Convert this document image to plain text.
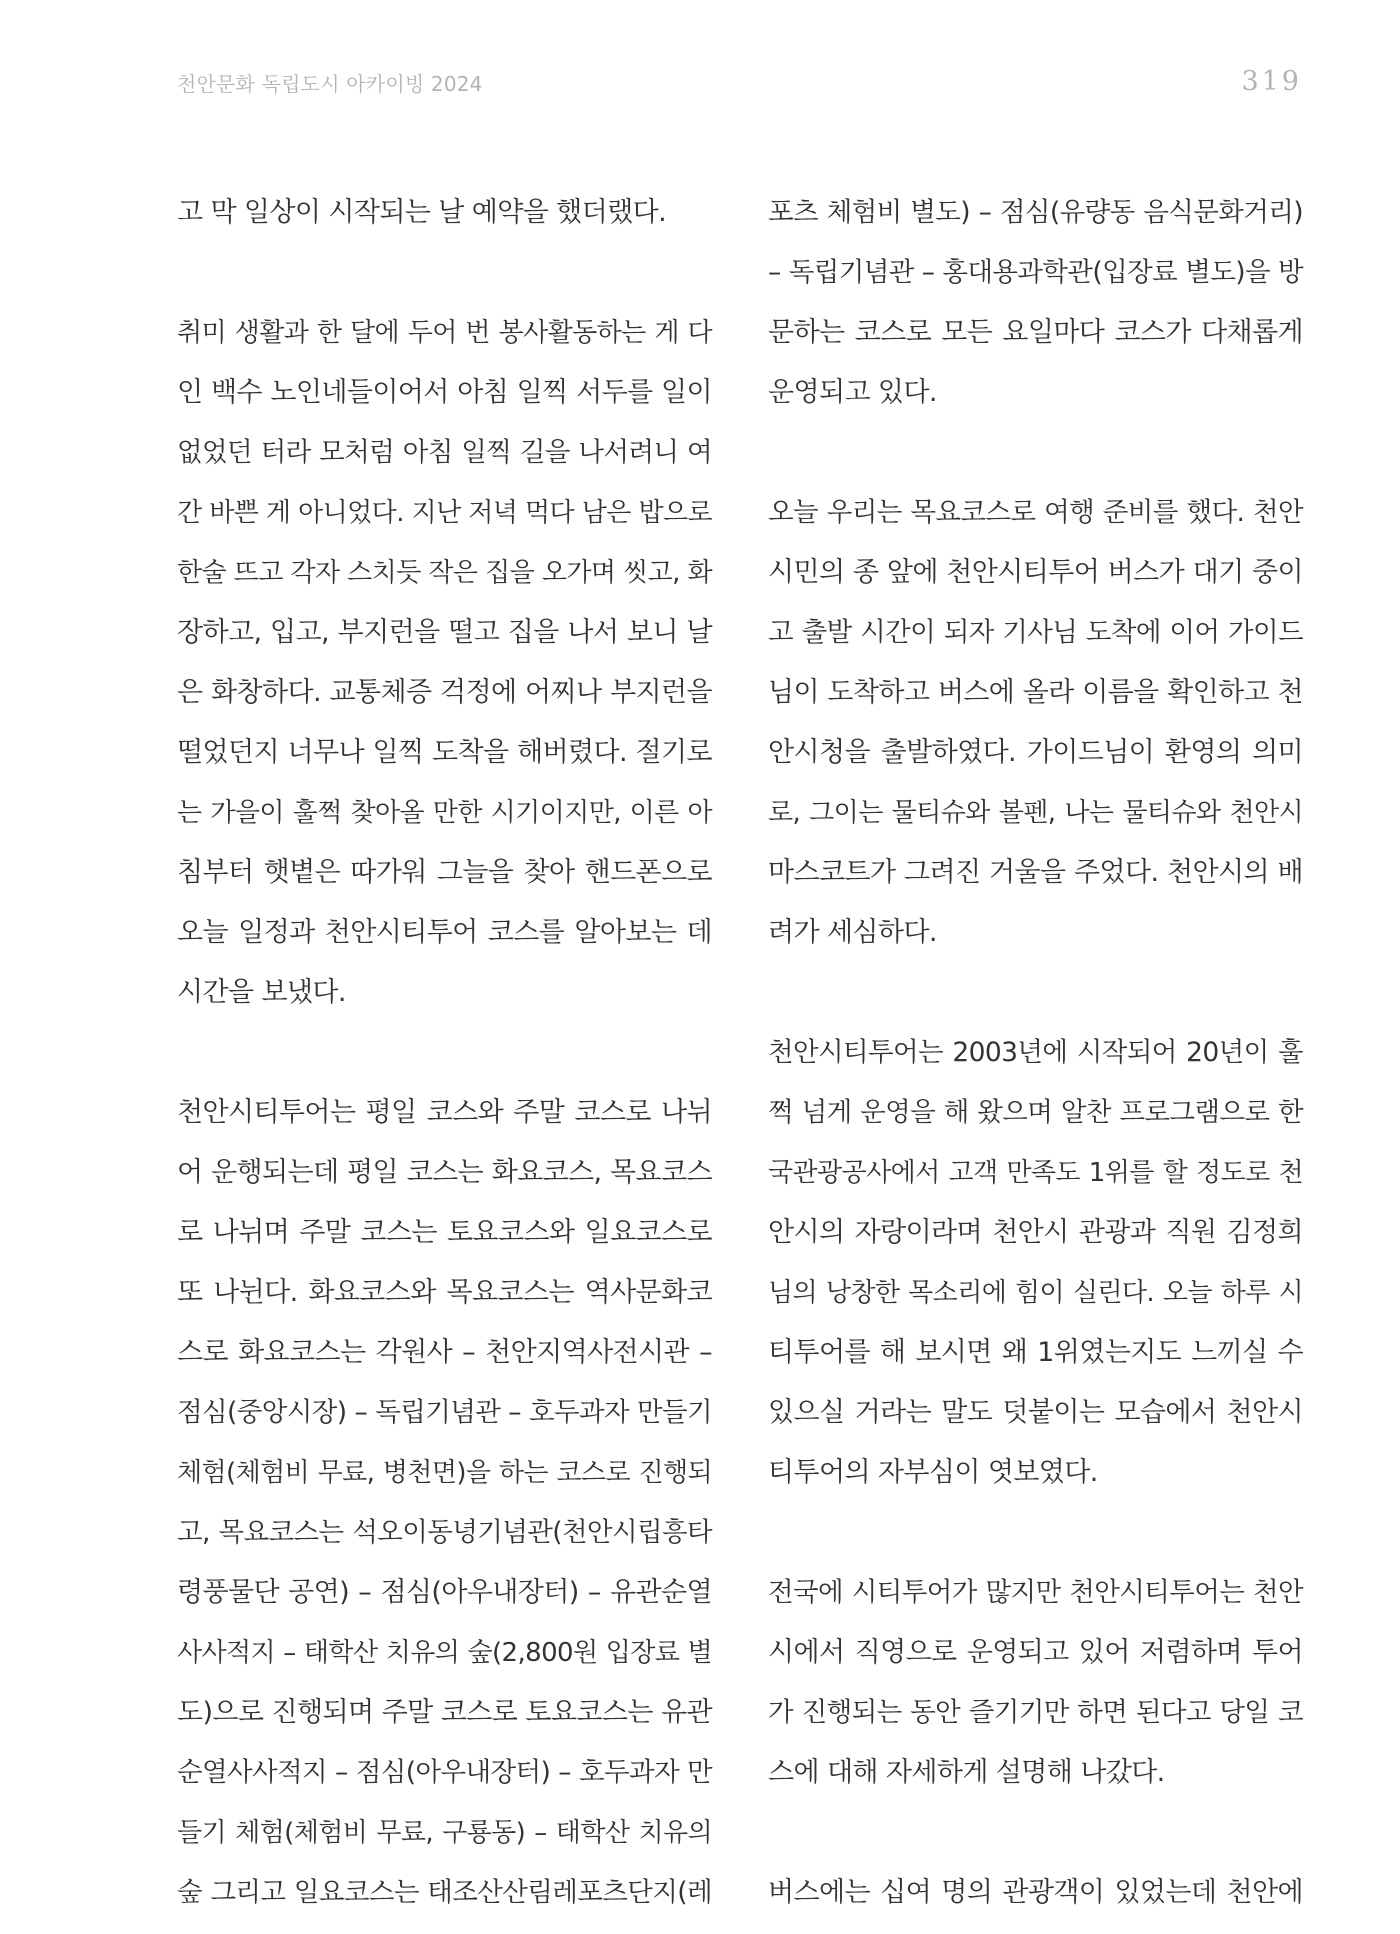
천안문화 독립도시 아카이빙 2024	319
고 막 일상이 시작되는 날 예약을 했더랬다.
취미 생활과 한 달에 두어 번 봉사활동하는 게 다
인 백수 노인네들이어서 아침 일찍 서두를 일이
없었던 터라 모처럼 아침 일찍 길을 나서려니 여
간 바쁜 게 아니었다. 지난 저녁 먹다 남은 밥으로
한술 뜨고 각자 스치듯 작은 집을 오가며 씻고, 화
장하고, 입고, 부지런을 떨고 집을 나서 보니 날
은 화창하다. 교통체증 걱정에 어찌나 부지런을
떨었던지 너무나 일찍 도착을 해버렸다. 절기로
는 가을이 훌쩍 찾아올 만한 시기이지만, 이른 아
침부터 햇볕은 따가워 그늘을 찾아 핸드폰으로
오늘 일정과 천안시티투어 코스를 알아보는 데
시간을 보냈다.
천안시티투어는 평일 코스와 주말 코스로 나뉘
어 운행되는데 평일 코스는 화요코스, 목요코스
로 나뉘며 주말 코스는 토요코스와 일요코스로
또 나뉜다. 화요코스와 목요코스는 역사문화코
스로 화요코스는 각원사 – 천안지역사전시관 –
점심(중앙시장) – 독립기념관 – 호두과자 만들기
체험(체험비 무료, 병천면)을 하는 코스로 진행되
고, 목요코스는 석오이동녕기념관(천안시립흥타
령풍물단 공연) – 점심(아우내장터) – 유관순열
사사적지 – 태학산 치유의 숲(2,800원 입장료 별
도)으로 진행되며 주말 코스로 토요코스는 유관
순열사사적지 – 점심(아우내장터) – 호두과자 만
들기 체험(체험비 무료, 구룡동) – 태학산 치유의
숲 그리고 일요코스는 태조산산림레포츠단지(레
포츠 체험비 별도) – 점심(유량동 음식문화거리)
– 독립기념관 – 홍대용과학관(입장료 별도)을 방
문하는 코스로 모든 요일마다 코스가 다채롭게
운영되고 있다.
오늘 우리는 목요코스로 여행 준비를 했다. 천안
시민의 종 앞에 천안시티투어 버스가 대기 중이
고 출발 시간이 되자 기사님 도착에 이어 가이드
님이 도착하고 버스에 올라 이름을 확인하고 천
안시청을 출발하였다. 가이드님이 환영의 의미
로, 그이는 물티슈와 볼펜, 나는 물티슈와 천안시
마스코트가 그려진 거울을 주었다. 천안시의 배
려가 세심하다.
천안시티투어는 2003년에 시작되어 20년이 훌
쩍 넘게 운영을 해 왔으며 알찬 프로그램으로 한
국관광공사에서 고객 만족도 1위를 할 정도로 천
안시의 자랑이라며 천안시 관광과 직원 김정희
님의 낭창한 목소리에 힘이 실린다. 오늘 하루 시
티투어를 해 보시면 왜 1위였는지도 느끼실 수
있으실 거라는 말도 덧붙이는 모습에서 천안시
티투어의 자부심이 엿보였다.
전국에 시티투어가 많지만 천안시티투어는 천안
시에서 직영으로 운영되고 있어 저렴하며 투어
가 진행되는 동안 즐기기만 하면 된다고 당일 코
스에 대해 자세하게 설명해 나갔다.
버스에는 십여 명의 관광객이 있었는데 천안에
